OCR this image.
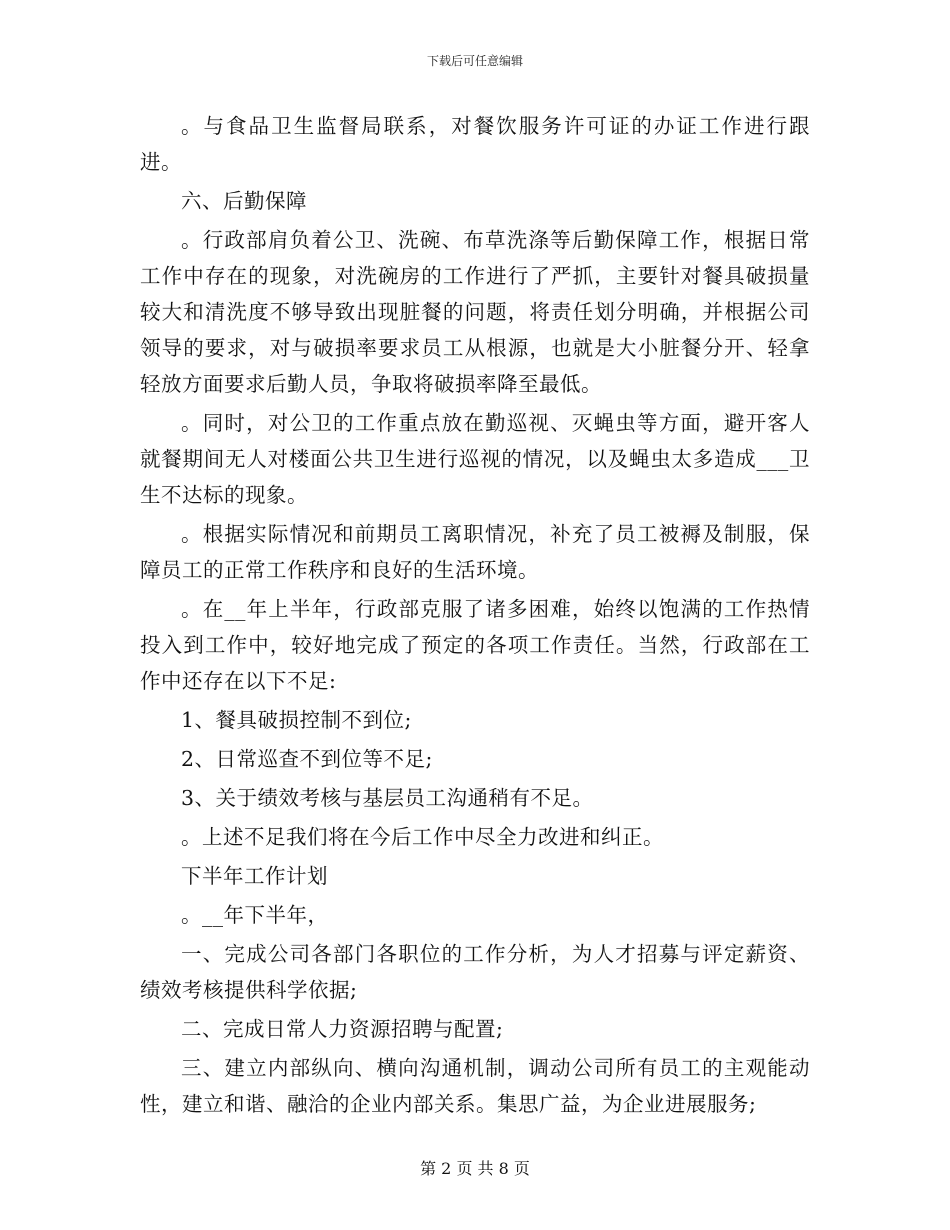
下载后可任意编辑

。与食品卫生监督局联系，对餐饮服务许可证的办证工作进行跟进。

六、后勤保障

。行政部肩负着公卫、洗碗、布草洗涤等后勤保障工作，根据日常工作中存在的现象，对洗碗房的工作进行了严抓，主要针对餐具破损量较大和清洗度不够导致出现脏餐的问题，将责任划分明确，并根据公司领导的要求，对与破损率要求员工从根源，也就是大小脏餐分开、轻拿轻放方面要求后勤人员，争取将破损率降至最低。

。同时，对公卫的工作重点放在勤巡视、灭蝇虫等方面，避开客人就餐期间无人对楼面公共卫生进行巡视的情况，以及蝇虫太多造成___卫生不达标的现象。

。根据实际情况和前期员工离职情况，补充了员工被褥及制服，保障员工的正常工作秩序和良好的生活环境。

。在__年上半年，行政部克服了诸多困难，始终以饱满的工作热情投入到工作中，较好地完成了预定的各项工作责任。当然，行政部在工作中还存在以下不足:

1、餐具破损控制不到位;

2、日常巡查不到位等不足;

3、关于绩效考核与基层员工沟通稍有不足。

。上述不足我们将在今后工作中尽全力改进和纠正。

下半年工作计划

。__年下半年，

一、完成公司各部门各职位的工作分析，为人才招募与评定薪资、绩效考核提供科学依据;

二、完成日常人力资源招聘与配置;

三、建立内部纵向、横向沟通机制，调动公司所有员工的主观能动性，建立和谐、融洽的企业内部关系。集思广益，为企业进展服务;

第 2 页 共 8 页
